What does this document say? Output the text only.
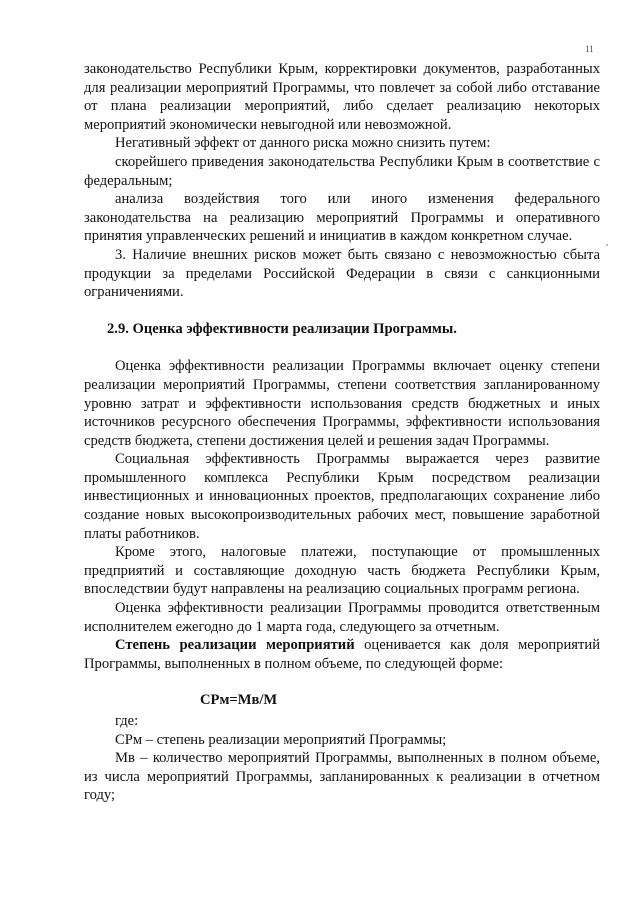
11

законодательство Республики Крым, корректировки документов, разработанных для реализации мероприятий Программы, что повлечет за собой либо отставание от плана реализации мероприятий, либо сделает реализацию некоторых мероприятий экономически невыгодной или невозможной.

Негативный эффект от данного риска можно снизить путем:

скорейшего приведения законодательства Республики Крым в соответствие с федеральным;

анализа воздействия того или иного изменения федерального законодательства на реализацию мероприятий Программы и оперативного принятия управленческих решений и инициатив в каждом конкретном случае.

3. Наличие внешних рисков может быть связано с невозможностью сбыта продукции за пределами Российской Федерации в связи с санкционными ограничениями.

2.9. Оценка эффективности реализации Программы.

Оценка эффективности реализации Программы включает оценку степени реализации мероприятий Программы, степени соответствия запланированному уровню затрат и эффективности использования средств бюджетных и иных источников ресурсного обеспечения Программы, эффективности использования средств бюджета, степени достижения целей и решения задач Программы.

Социальная эффективность Программы выражается через развитие промышленного комплекса Республики Крым посредством реализации инвестиционных и инновационных проектов, предполагающих сохранение либо создание новых высокопроизводительных рабочих мест, повышение заработной платы работников.

Кроме этого, налоговые платежи, поступающие от промышленных предприятий и составляющие доходную часть бюджета Республики Крым, впоследствии будут направлены на реализацию социальных программ региона.

Оценка эффективности реализации Программы проводится ответственным исполнителем ежегодно до 1 марта года, следующего за отчетным.

Степень реализации мероприятий оценивается как доля мероприятий Программы, выполненных в полном объеме, по следующей форме:

СРм=Мв/М

где:

СРм – степень реализации мероприятий Программы;

Мв – количество мероприятий Программы, выполненных в полном объеме, из числа мероприятий Программы, запланированных к реализации в отчетном году;
